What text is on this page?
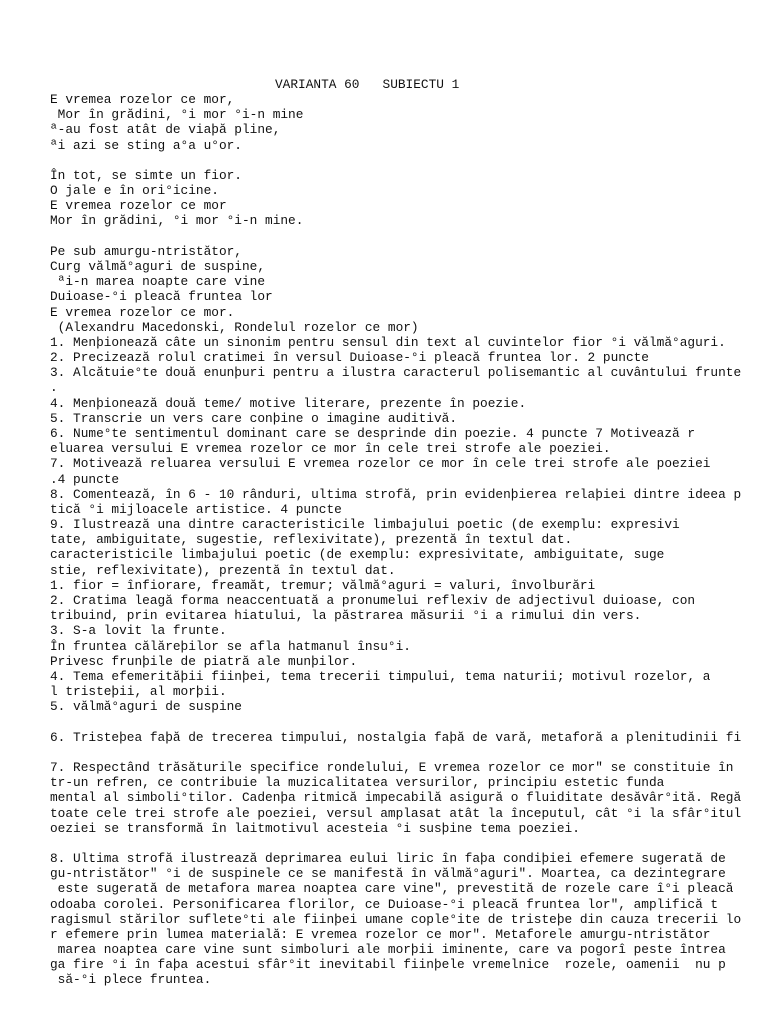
VARIANTA 60   SUBIECTU 1
E vremea rozelor ce mor,
Mor în grădini, °i mor °i-n mine
ª-au fost atât de viaþă pline,
ªi azi se sting a°a u°or.
În tot, se simte un fior.
O jale e în ori°icine.
E vremea rozelor ce mor
Mor în grădini, °i mor °i-n mine.
Pe sub amurgu-ntristător,
Curg vălmă°aguri de suspine,
ªi-n marea noapte care vine
Duioase-°i pleacă fruntea lor
E vremea rozelor ce mor.
(Alexandru Macedonski, Rondelul rozelor ce mor)
1. Menþionează câte un sinonim pentru sensul din text al cuvintelor fior °i vălmă°aguri.
2. Precizează rolul cratimei în versul Duioase-°i pleacă fruntea lor. 2 puncte
3. Alcătuie°te două enunþuri pentru a ilustra caracterul polisemantic al cuvântului frunte
.
4. Menþionează două teme/ motive literare, prezente în poezie.
5. Transcrie un vers care conþine o imagine auditivă.
6. Nume°te sentimentul dominant care se desprinde din poezie. 4 puncte 7 Motivează r
eluarea versului E vremea rozelor ce mor în cele trei strofe ale poeziei.
7. Motivează reluarea versului E vremea rozelor ce mor în cele trei strofe ale poeziei
.4 puncte
8. Comentează, în 6 - 10 rânduri, ultima strofă, prin evidenþierea relaþiei dintre ideea p
tică °i mijloacele artistice. 4 puncte
9. Ilustrează una dintre caracteristicile limbajului poetic (de exemplu: expresivi
tate, ambiguitate, sugestie, reflexivitate), prezentă în textul dat.
caracteristicile limbajului poetic (de exemplu: expresivitate, ambiguitate, suge
stie, reflexivitate), prezentă în textul dat.
1. fior = înfiorare, freamăt, tremur; vălmă°aguri = valuri, învolburări
2. Cratima leagă forma neaccentuată a pronumelui reflexiv de adjectivul duioase, con
tribuind, prin evitarea hiatului, la păstrarea măsurii °i a rimului din vers.
3. S-a lovit la frunte.
În fruntea călăreþilor se afla hatmanul însu°i.
Privesc frunþile de piatră ale munþilor.
4. Tema efemerităþii fiinþei, tema trecerii timpului, tema naturii; motivul rozelor, a
l tristeþii, al morþii.
5. vălmă°aguri de suspine
6. Tristeþea faþă de trecerea timpului, nostalgia faþă de vară, metaforă a plenitudinii fi
7. Respectând trăsăturile specifice rondelului, E vremea rozelor ce mor" se constituie în
tr-un refren, ce contribuie la muzicalitatea versurilor, principiu estetic funda
mental al simboli°tilor. Cadenþa ritmică impecabilă asigură o fluiditate desăvâr°ită. Regă
toate cele trei strofe ale poeziei, versul amplasat atât la începutul, cât °i la sfâr°itul
oeziei se transformă în laitmotivul acesteia °i susþine tema poeziei.
8. Ultima strofă ilustrează deprimarea eului liric în faþa condiþiei efemere sugerată de
gu-ntristător" °i de suspinele ce se manifestă în vălmă°aguri". Moartea, ca dezintegrare
este sugerată de metafora marea noaptea care vine", prevestită de rozele care î°i pleacă
odoaba corolei. Personificarea florilor, ce Duioase-°i pleacă fruntea lor", amplifică t
ragismul stărilor suflete°ti ale fiinþei umane coplе°ite de tristeþe din cauza trecerii lo
r efemere prin lumea materială: E vremea rozelor ce mor". Metaforele amurgu-ntristător
marea noaptea care vine sunt simboluri ale morþii iminente, care va pogorî peste întrea
ga fire °i în faþa acestui sfâr°it inevitabil fiinþele vremelnice  rozele, oamenii  nu p
să-°i plece fruntea.
